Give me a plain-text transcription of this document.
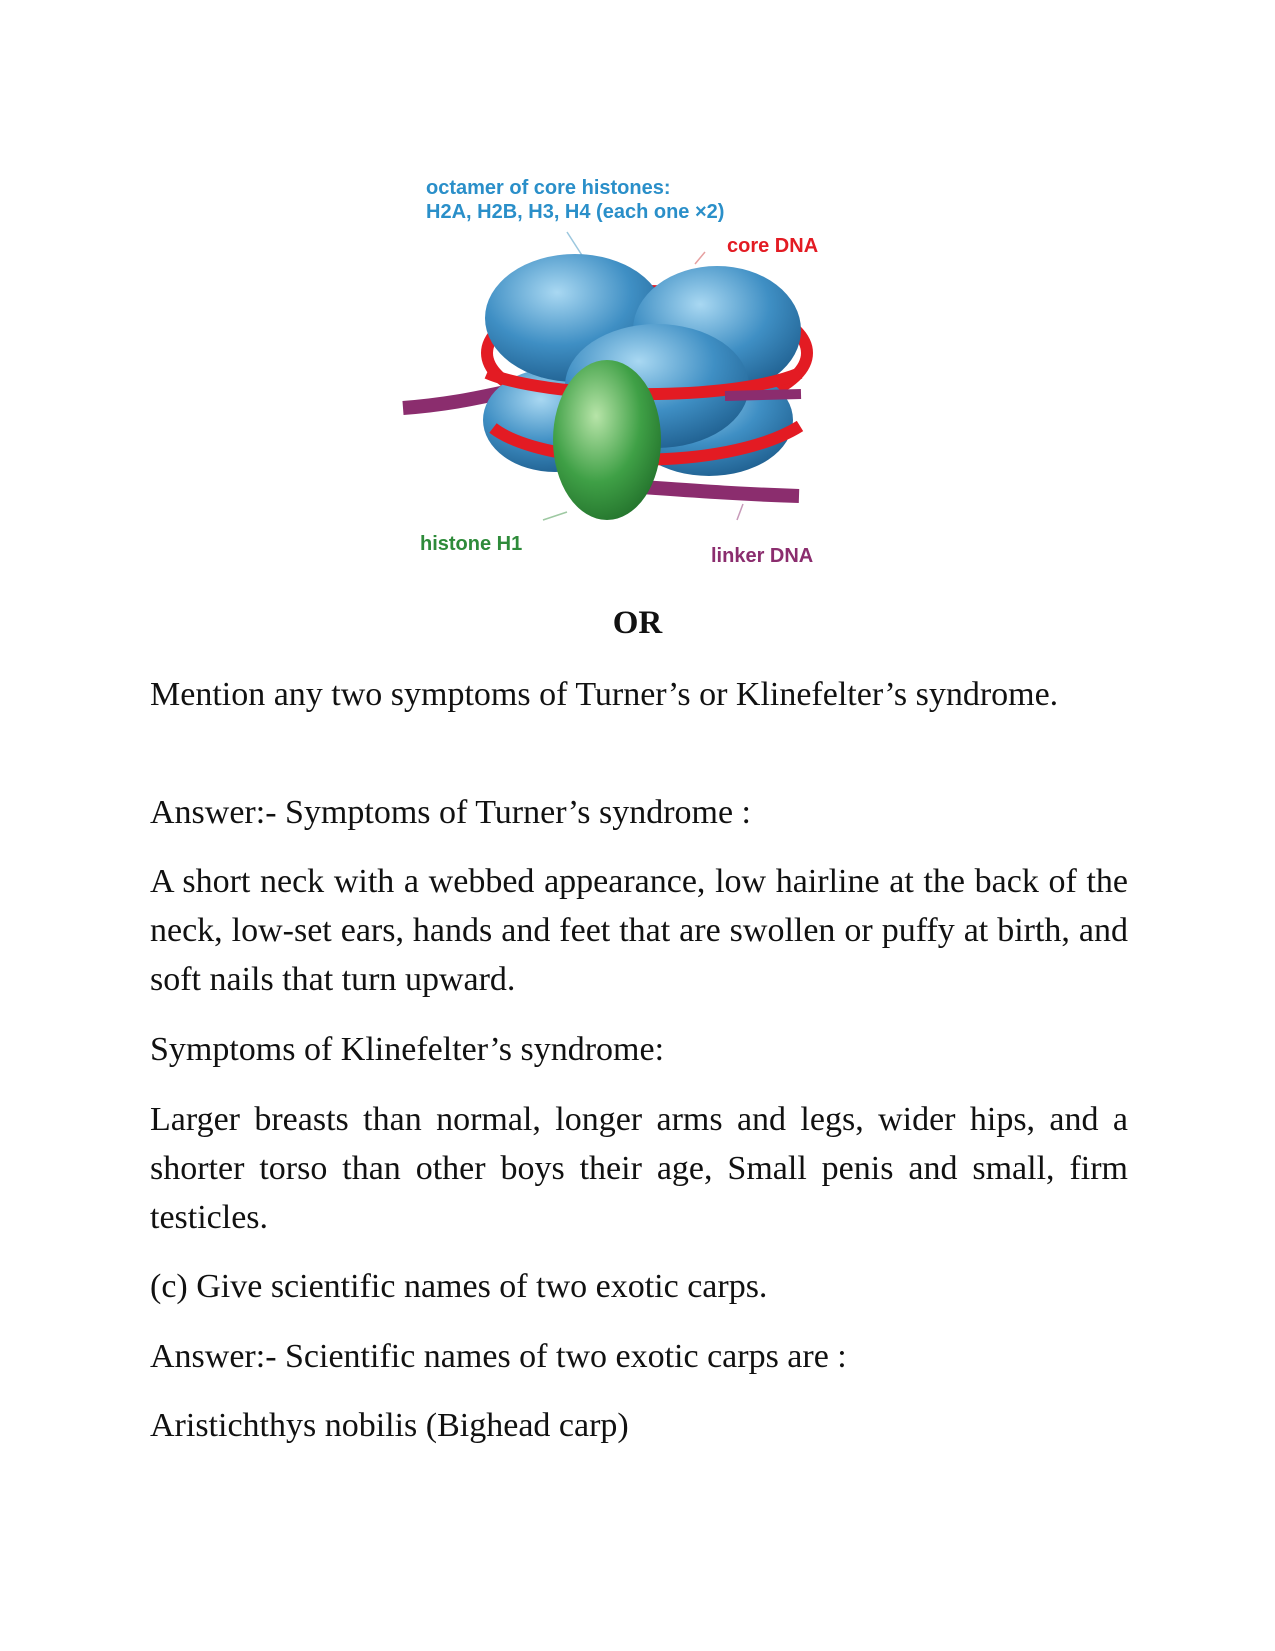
octamer of core histones:
H2A, H2B, H3, H4 (each one ×2)
core DNA
histone H1
linker DNA
OR

Mention any two symptoms of Turner’s or Klinefelter’s syndrome.

Answer:- Symptoms of Turner’s syndrome :

A short neck with a webbed appearance, low hairline at the back of the neck, low-set ears, hands and feet that are swollen or puffy at birth, and soft nails that turn upward.

Symptoms of Klinefelter’s syndrome:

Larger breasts than normal, longer arms and legs, wider hips, and a shorter torso than other boys their age, Small penis and small, firm testicles.

(c) Give scientific names of two exotic carps.

Answer:- Scientific names of two exotic carps are :

Aristichthys nobilis (Bighead carp)
